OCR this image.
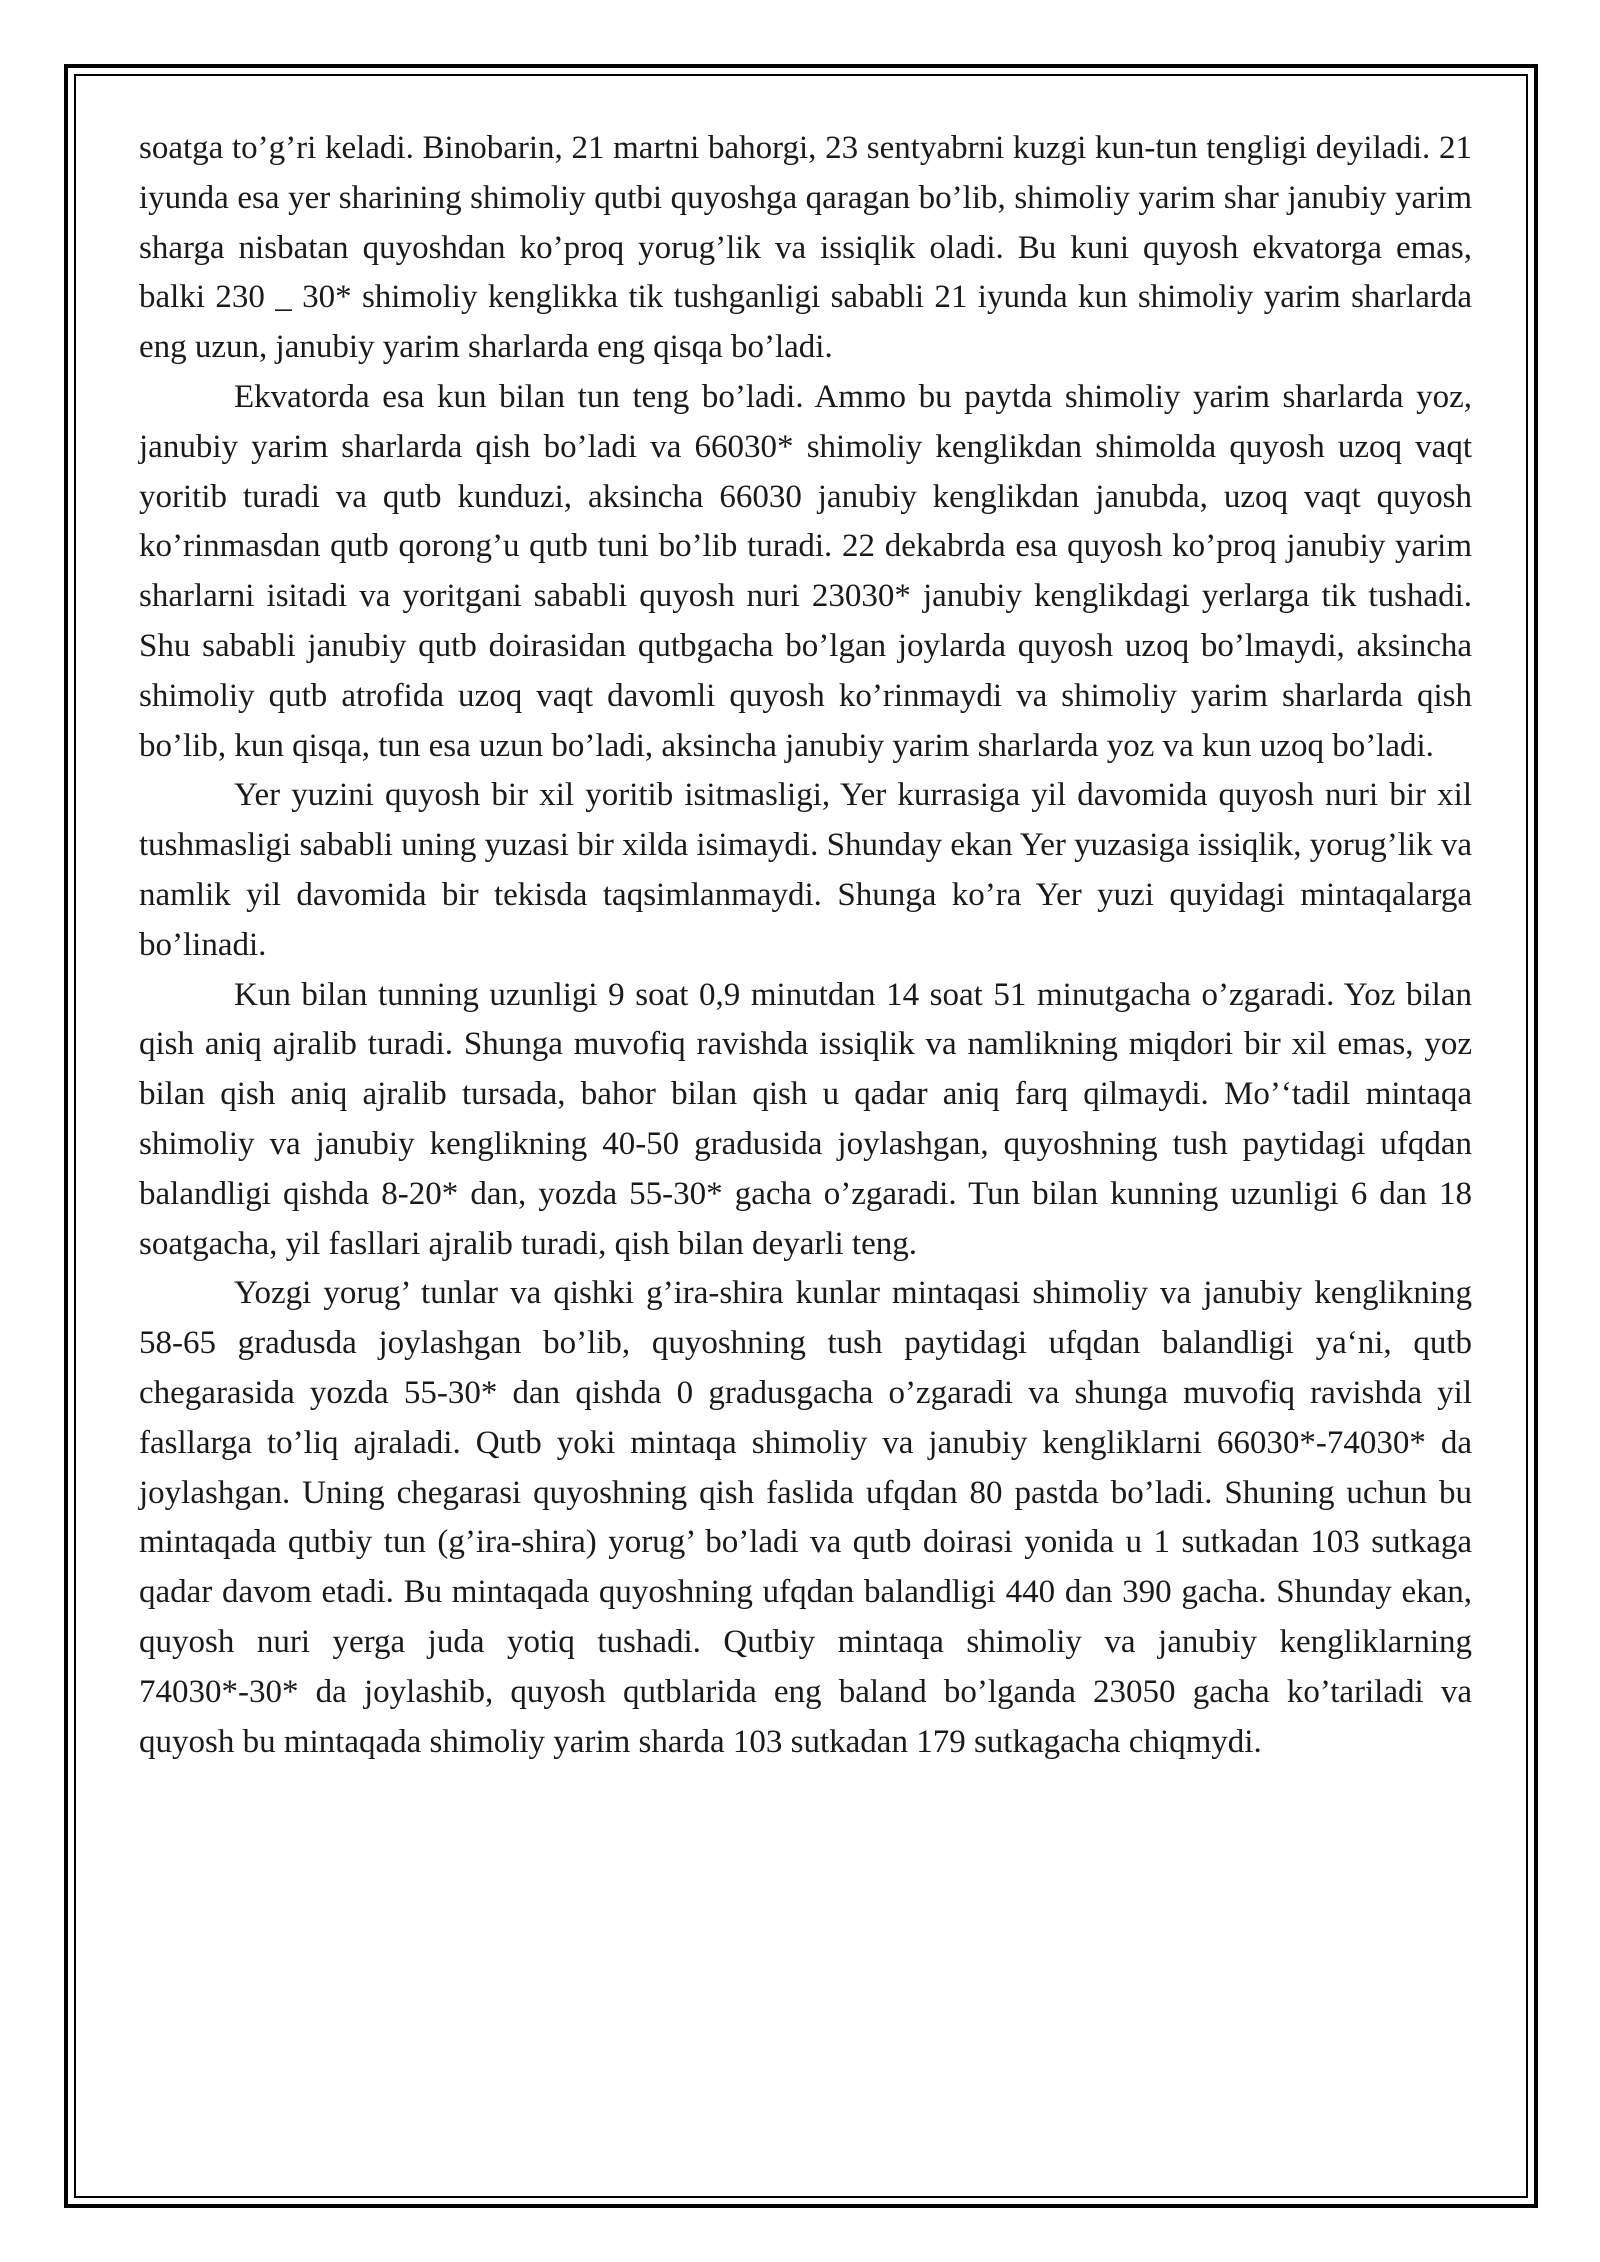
soatga to’g’ri keladi. Binobarin, 21 martni bahorgi, 23 sentyabrni kuzgi kun-tun tengligi deyiladi. 21 iyunda esa yer sharining shimoliy qutbi quyoshga qaragan bo’lib, shimoliy yarim shar janubiy yarim sharga nisbatan quyoshdan ko’proq yorug’lik va issiqlik oladi. Bu kuni quyosh ekvatorga emas, balki 230 _ 30* shimoliy kenglikka tik tushganligi sababli 21 iyunda kun shimoliy yarim sharlarda eng uzun, janubiy yarim sharlarda eng qisqa bo’ladi.

Ekvatorda esa kun bilan tun teng bo’ladi. Ammo bu paytda shimoliy yarim sharlarda yoz, janubiy yarim sharlarda qish bo’ladi va 66030* shimoliy kenglikdan shimolda quyosh uzoq vaqt yoritib turadi va qutb kunduzi, aksincha 66030 janubiy kenglikdan janubda, uzoq vaqt quyosh ko’rinmasdan qutb qorong’u qutb tuni bo’lib turadi. 22 dekabrda esa quyosh ko’proq janubiy yarim sharlarni isitadi va yoritgani sababli quyosh nuri 23030* janubiy kenglikdagi yerlarga tik tushadi. Shu sababli janubiy qutb doirasidan qutbgacha bo’lgan joylarda quyosh uzoq bo’lmaydi, aksincha shimoliy qutb atrofida uzoq vaqt davomli quyosh ko’rinmaydi va shimoliy yarim sharlarda qish bo’lib, kun qisqa, tun esa uzun bo’ladi, aksincha janubiy yarim sharlarda yoz va kun uzoq bo’ladi.

Yer yuzini quyosh bir xil yoritib isitmasligi, Yer kurrasiga yil davomida quyosh nuri bir xil tushmasligi sababli uning yuzasi bir xilda isimaydi. Shunday ekan Yer yuzasiga issiqlik, yorug’lik va namlik yil davomida bir tekisda taqsimlanmaydi. Shunga ko’ra Yer yuzi quyidagi mintaqalarga bo’linadi.

Kun bilan tunning uzunligi 9 soat 0,9 minutdan 14 soat 51 minutgacha o’zgaradi. Yoz bilan qish aniq ajralib turadi. Shunga muvofiq ravishda issiqlik va namlikning miqdori bir xil emas, yoz bilan qish aniq ajralib tursada, bahor bilan qish u qadar aniq farq qilmaydi. Mo’‘tadil mintaqa shimoliy va janubiy kenglikning 40-50 gradusida joylashgan, quyoshning tush paytidagi ufqdan balandligi qishda 8-20* dan, yozda 55-30* gacha o’zgaradi. Tun bilan kunning uzunligi 6 dan 18 soatgacha, yil fasllari ajralib turadi, qish bilan deyarli teng.

Yozgi yorug’ tunlar va qishki g’ira-shira kunlar mintaqasi shimoliy va janubiy kenglikning 58-65 gradusda joylashgan bo’lib, quyoshning tush paytidagi ufqdan balandligi ya‘ni, qutb chegarasida yozda 55-30* dan qishda 0 gradusgacha o’zgaradi va shunga muvofiq ravishda yil fasllarga to’liq ajraladi. Qutb yoki mintaqa shimoliy va janubiy kengliklarni 66030*-74030* da joylashgan. Uning chegarasi quyoshning qish faslida ufqdan 80 pastda bo’ladi. Shuning uchun bu mintaqada qutbiy tun (g’ira-shira) yorug’ bo’ladi va qutb doirasi yonida u 1 sutkadan 103 sutkaga qadar davom etadi. Bu mintaqada quyoshning ufqdan balandligi 440 dan 390 gacha. Shunday ekan, quyosh nuri yerga juda yotiq tushadi. Qutbiy mintaqa shimoliy va janubiy kengliklarning 74030*-30* da joylashib, quyosh qutblarida eng baland bo’lganda 23050 gacha ko’tariladi va quyosh bu mintaqada shimoliy yarim sharda 103 sutkadan 179 sutkagacha chiqmydi.
